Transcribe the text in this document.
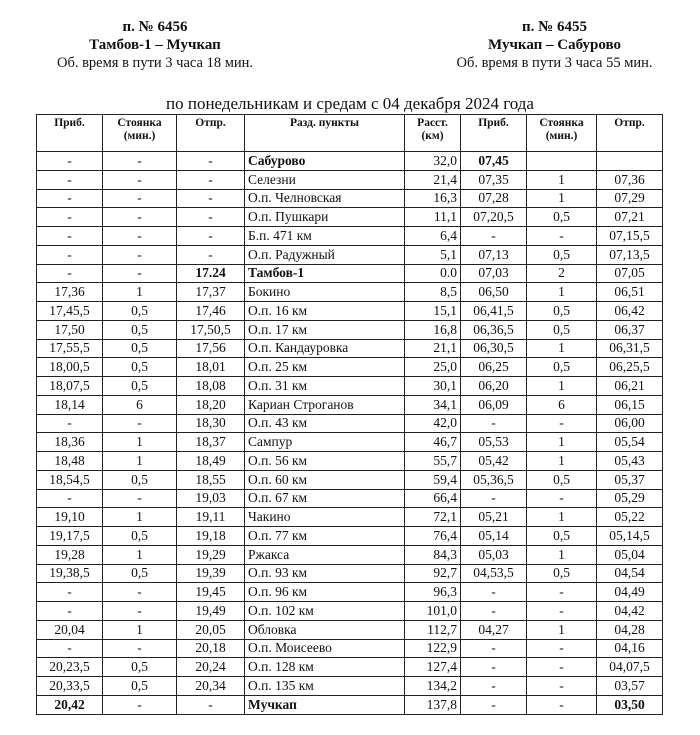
п. № 6456
Тамбов-1 – Мучкап
Об. время в пути 3 часа 18 мин.
п. № 6455
Мучкап – Сабурово
Об. время в пути 3 часа 55 мин.
по понедельникам и средам с 04 декабря 2024 года
Приб.	Стоянка (мин.)	Отпр.	Разд. пункты	Расст. (км)	Приб.	Стоянка (мин.)	Отпр.
-	-	-	Сабурово	32,0	07,45		
-	-	-	Селезни	21,4	07,35	1	07,36
-	-	-	О.п. Челновская	16,3	07,28	1	07,29
-	-	-	О.п. Пушкари	11,1	07,20,5	0,5	07,21
-	-	-	Б.п. 471 км	6,4	-	-	07,15,5
-	-	-	О.п. Радужный	5,1	07,13	0,5	07,13,5
-	-	17.24	Тамбов-1	0.0	07,03	2	07,05
17,36	1	17,37	Бокино	8,5	06,50	1	06,51
17,45,5	0,5	17,46	О.п. 16 км	15,1	06,41,5	0,5	06,42
17,50	0,5	17,50,5	О.п. 17 км	16,8	06,36,5	0,5	06,37
17,55,5	0,5	17,56	О.п. Кандауровка	21,1	06,30,5	1	06,31,5
18,00,5	0,5	18,01	О.п. 25 км	25,0	06,25	0,5	06,25,5
18,07,5	0,5	18,08	О.п. 31 км	30,1	06,20	1	06,21
18,14	6	18,20	Кариан Строганов	34,1	06,09	6	06,15
-	-	18,30	О.п. 43 км	42,0	-	-	06,00
18,36	1	18,37	Сампур	46,7	05,53	1	05,54
18,48	1	18,49	О.п. 56 км	55,7	05,42	1	05,43
18,54,5	0,5	18,55	О.п. 60 км	59,4	05,36,5	0,5	05,37
-	-	19,03	О.п. 67 км	66,4	-	-	05,29
19,10	1	19,11	Чакино	72,1	05,21	1	05,22
19,17,5	0,5	19,18	О.п. 77 км	76,4	05,14	0,5	05,14,5
19,28	1	19,29	Ржакса	84,3	05,03	1	05,04
19,38,5	0,5	19,39	О.п. 93 км	92,7	04,53,5	0,5	04,54
-	-	19,45	О.п. 96 км	96,3	-	-	04,49
-	-	19,49	О.п. 102 км	101,0	-	-	04,42
20,04	1	20,05	Обловка	112,7	04,27	1	04,28
-	-	20,18	О.п. Моисеево	122,9	-	-	04,16
20,23,5	0,5	20,24	О.п. 128 км	127,4	-	-	04,07,5
20,33,5	0,5	20,34	О.п. 135 км	134,2	-	-	03,57
20,42	-	-	Мучкап	137,8	-	-	03,50
